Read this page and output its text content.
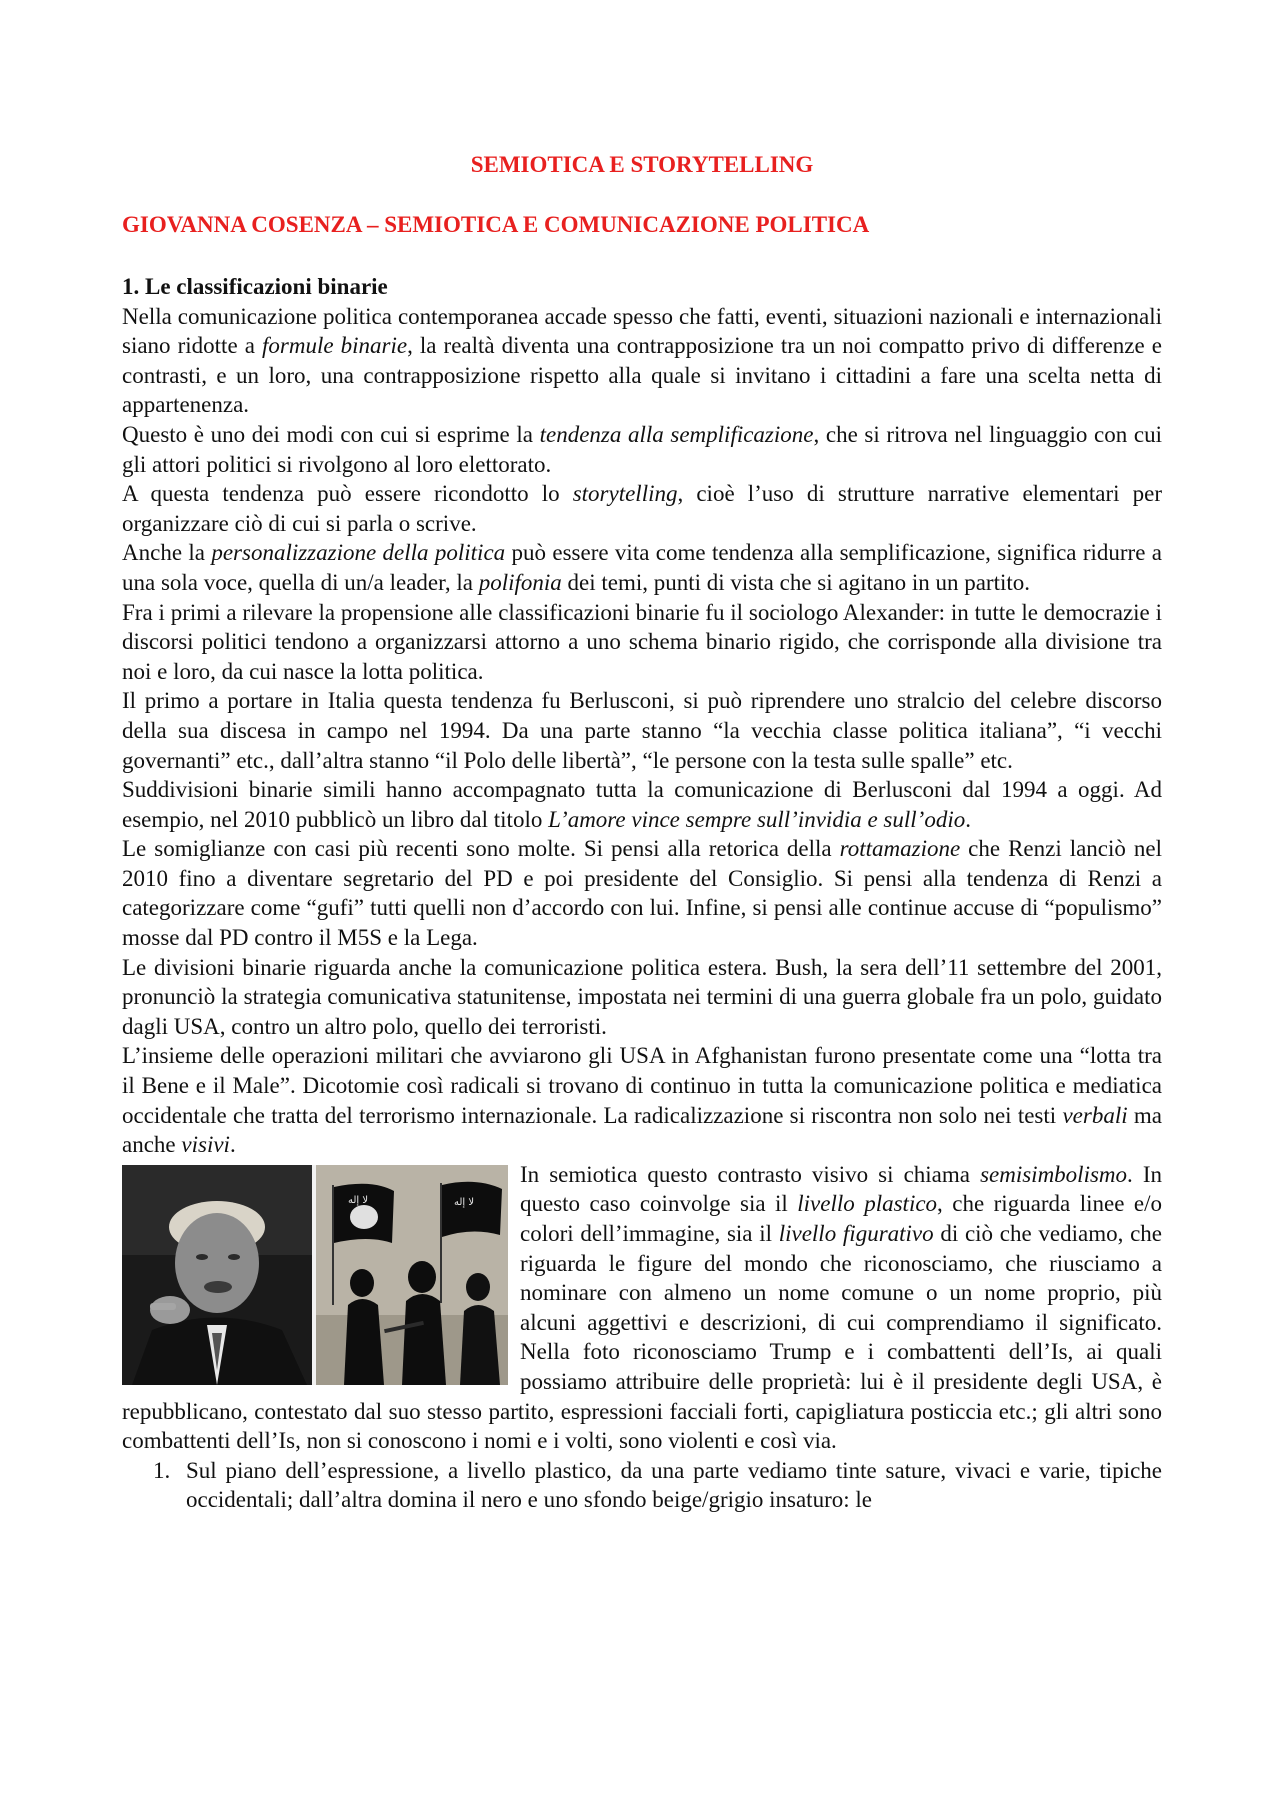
SEMIOTICA E STORYTELLING
GIOVANNA COSENZA – SEMIOTICA E COMUNICAZIONE POLITICA
1. Le classificazioni binarie

Nella comunicazione politica contemporanea accade spesso che fatti, eventi, situazioni nazionali e internazionali siano ridotte a formule binarie, la realtà diventa una contrapposizione tra un noi compatto privo di differenze e contrasti, e un loro, una contrapposizione rispetto alla quale si invitano i cittadini a fare una scelta netta di appartenenza.

Questo è uno dei modi con cui si esprime la tendenza alla semplificazione, che si ritrova nel linguaggio con cui gli attori politici si rivolgono al loro elettorato.

A questa tendenza può essere ricondotto lo storytelling, cioè l’uso di strutture narrative elementari per organizzare ciò di cui si parla o scrive.

Anche la personalizzazione della politica può essere vita come tendenza alla semplificazione, significa ridurre a una sola voce, quella di un/a leader, la polifonia dei temi, punti di vista che si agitano in un partito.

Fra i primi a rilevare la propensione alle classificazioni binarie fu il sociologo Alexander: in tutte le democrazie i discorsi politici tendono a organizzarsi attorno a uno schema binario rigido, che corrisponde alla divisione tra noi e loro, da cui nasce la lotta politica.

Il primo a portare in Italia questa tendenza fu Berlusconi, si può riprendere uno stralcio del celebre discorso della sua discesa in campo nel 1994. Da una parte stanno “la vecchia classe politica italiana”, “i vecchi governanti” etc., dall’altra stanno “il Polo delle libertà”, “le persone con la testa sulle spalle” etc.

Suddivisioni binarie simili hanno accompagnato tutta la comunicazione di Berlusconi dal 1994 a oggi. Ad esempio, nel 2010 pubblicò un libro dal titolo L’amore vince sempre sull’invidia e sull’odio.

Le somiglianze con casi più recenti sono molte. Si pensi alla retorica della rottamazione che Renzi lanciò nel 2010 fino a diventare segretario del PD e poi presidente del Consiglio. Si pensi alla tendenza di Renzi a categorizzare come “gufi” tutti quelli non d’accordo con lui. Infine, si pensi alle continue accuse di “populismo” mosse dal PD contro il M5S e la Lega.

Le divisioni binarie riguarda anche la comunicazione politica estera. Bush, la sera dell’11 settembre del 2001, pronunciò la strategia comunicativa statunitense, impostata nei termini di una guerra globale fra un polo, guidato dagli USA, contro un altro polo, quello dei terroristi.

L’insieme delle operazioni militari che avviarono gli USA in Afghanistan furono presentate come una “lotta tra il Bene e il Male”. Dicotomie così radicali si trovano di continuo in tutta la comunicazione politica e mediatica occidentale che tratta del terrorismo internazionale. La radicalizzazione si riscontra non solo nei testi verbali ma anche visivi.

لا إله	لا إله

In semiotica questo contrasto visivo si chiama semisimbolismo. In questo caso coinvolge sia il livello plastico, che riguarda linee e/o colori dell’immagine, sia il livello figurativo di ciò che vediamo, che riguarda le figure del mondo che riconosciamo, che riusciamo a nominare con almeno un nome comune o un nome proprio, più alcuni aggettivi e descrizioni, di cui comprendiamo il significato.

Nella foto riconosciamo Trump e i combattenti dell’Is, ai quali possiamo attribuire delle proprietà: lui è il presidente degli USA, è repubblicano, contestato dal suo stesso partito, espressioni facciali forti, capigliatura posticcia etc.; gli altri sono combattenti dell’Is, non si conoscono i nomi e i volti, sono violenti e così via.

1. Sul piano dell’espressione, a livello plastico, da una parte vediamo tinte sature, vivaci e varie, tipiche occidentali; dall’altra domina il nero e uno sfondo beige/grigio insaturo: le
